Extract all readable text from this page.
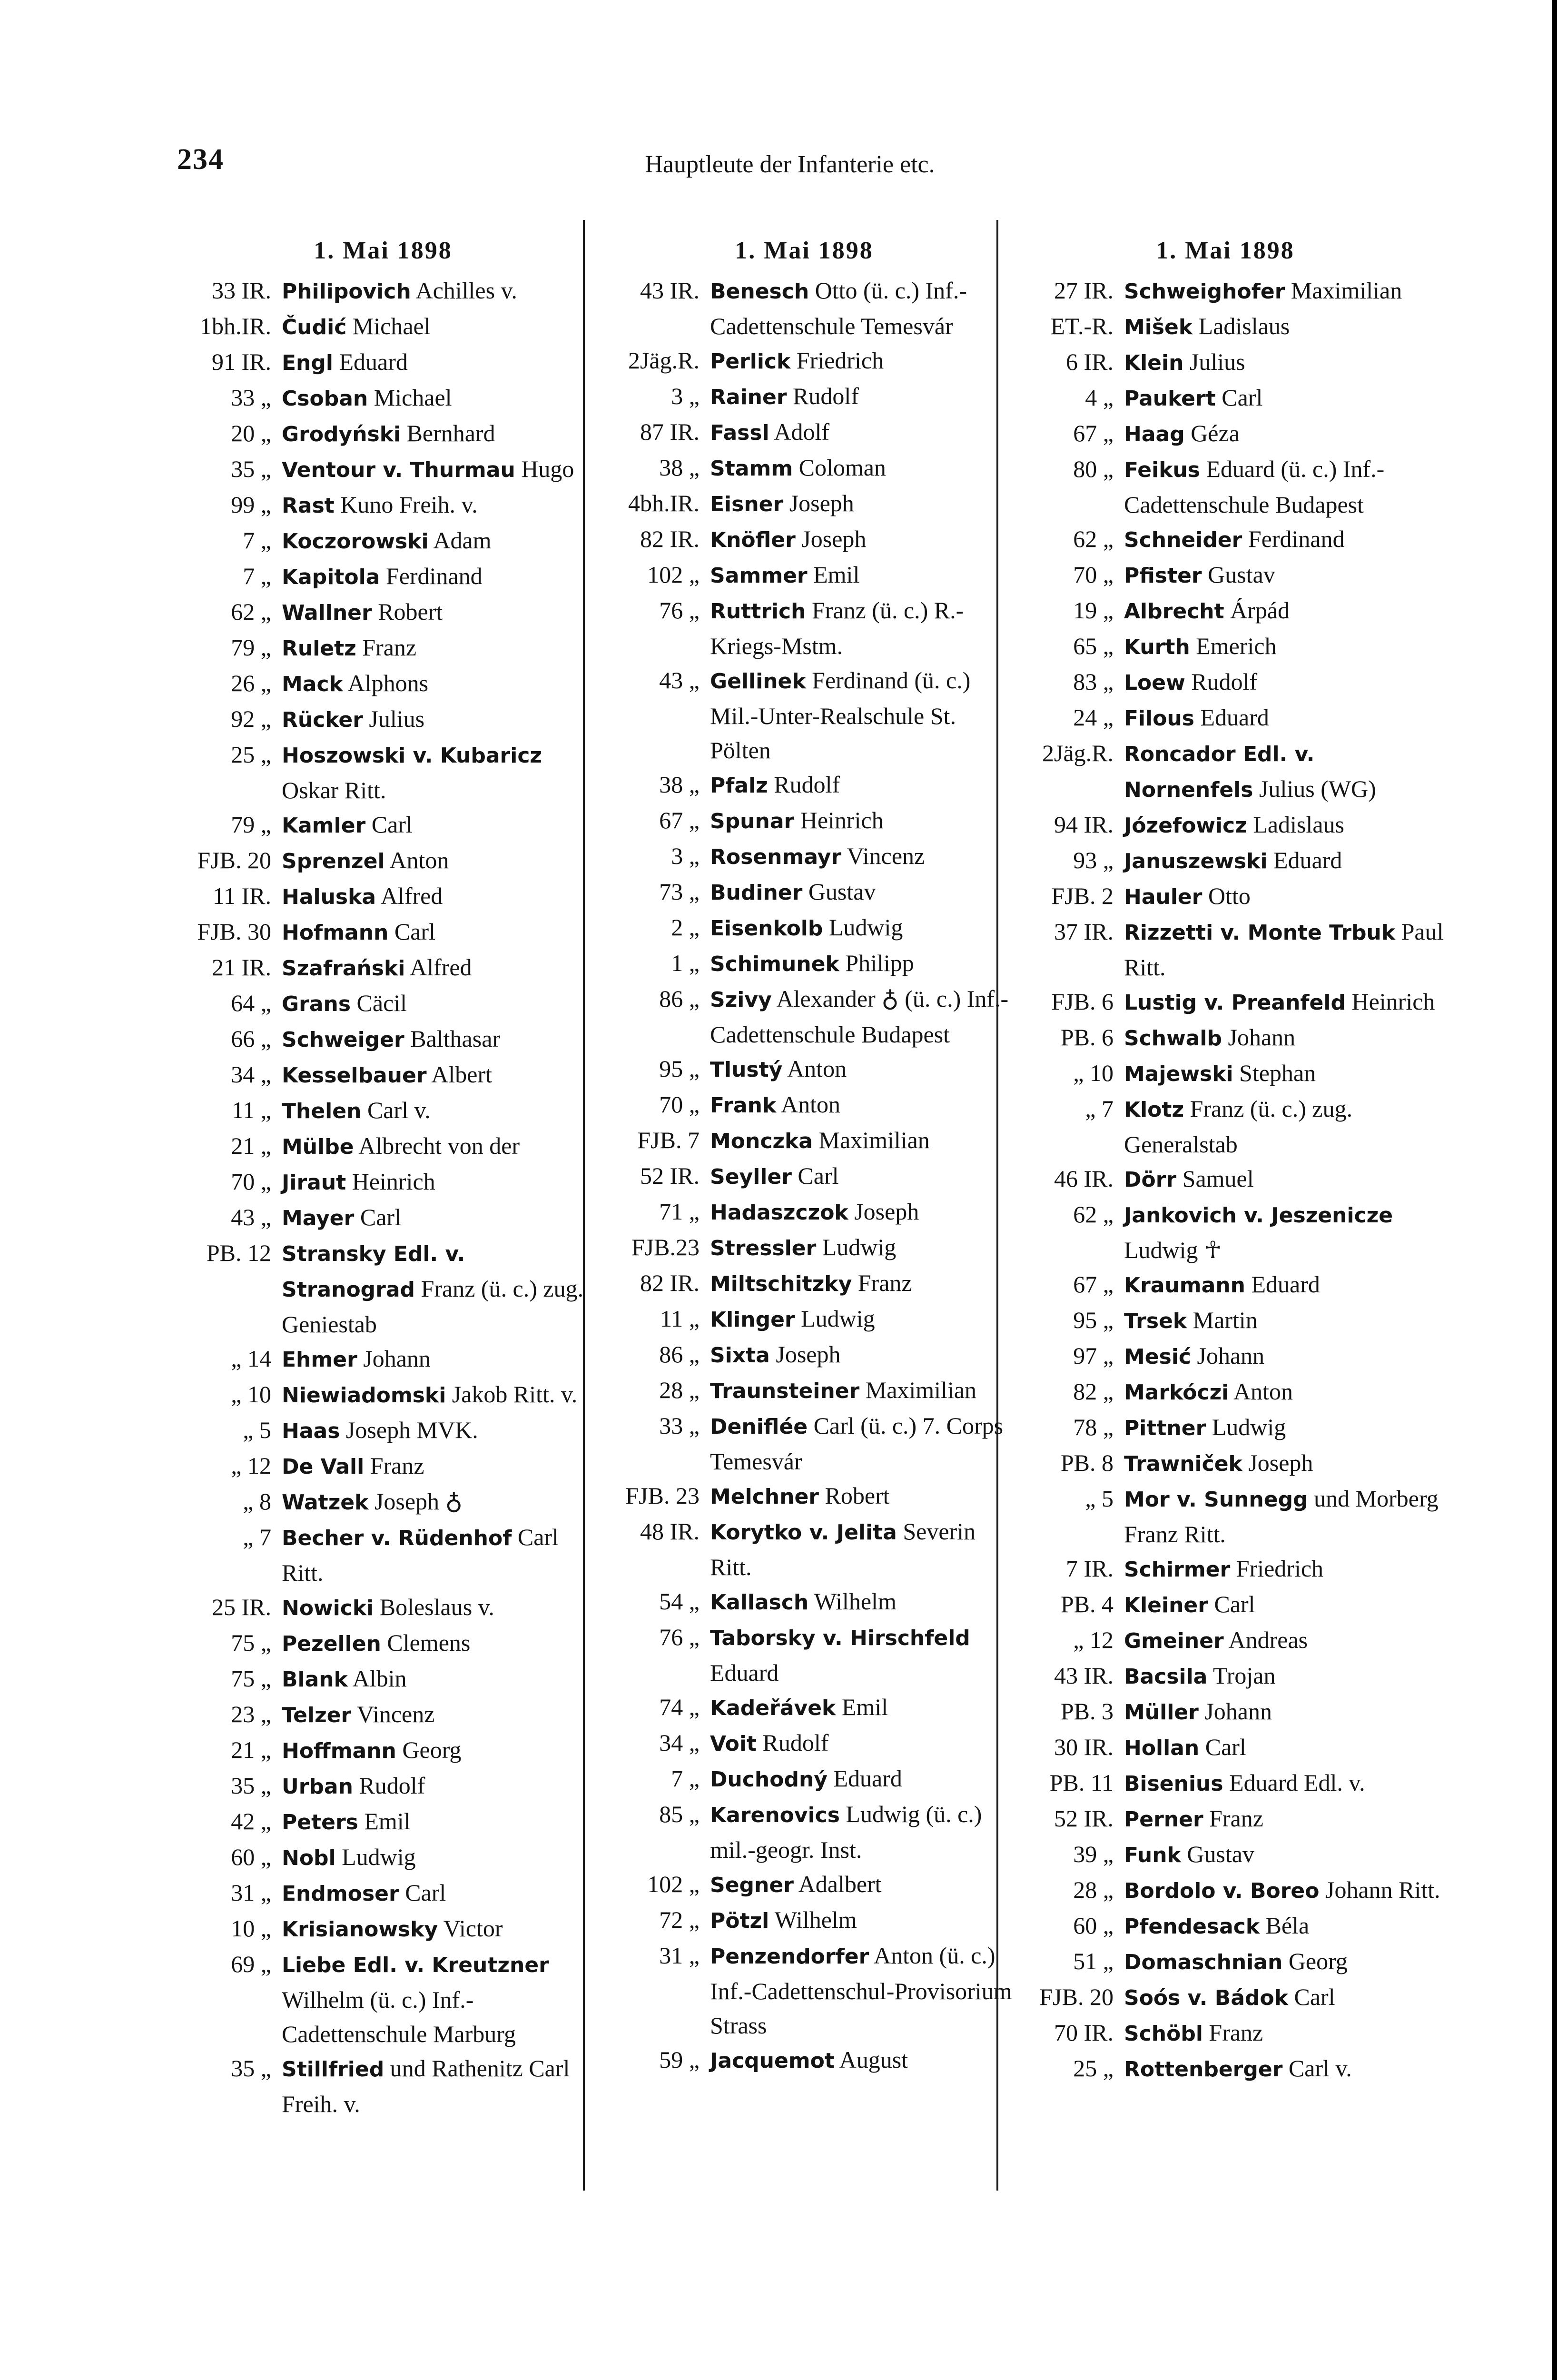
234	Hauptleute der Infanterie etc.
1. Mai 1898
33 IR. Philipovich Achilles v.
1bh.IR. Čudić Michael
91 IR. Engl Eduard
33 „ Csoban Michael
20 „ Grodyński Bernhard
35 „ Ventour v. Thurmau Hugo
99 „ Rast Kuno Freih. v.
7 „ Koczorowski Adam
7 „ Kapitola Ferdinand
62 „ Wallner Robert
79 „ Ruletz Franz
26 „ Mack Alphons
92 „ Rücker Julius
25 „ Hoszowski v. Kubaricz Oskar Ritt.
79 „ Kamler Carl
FJB. 20 Sprenzel Anton
11 IR. Haluska Alfred
FJB. 30 Hofmann Carl
21 IR. Szafrański Alfred
64 „ Grans Cäcil
66 „ Schweiger Balthasar
34 „ Kesselbauer Albert
11 „ Thelen Carl v.
21 „ Mülbe Albrecht von der
70 „ Jiraut Heinrich
43 „ Mayer Carl
PB. 12 Stransky Edl. v. Stranograd Franz (ü. c.) zug. Geniestab
„ 14 Ehmer Johann
„ 10 Niewiadomski Jakob Ritt. v.
„ 5 Haas Joseph MVK.
„ 12 De Vall Franz
„ 8 Watzek Joseph ♁
„ 7 Becher v. Rüdenhof Carl Ritt.
25 IR. Nowicki Boleslaus v.
75 „ Pezellen Clemens
75 „ Blank Albin
23 „ Telzer Vincenz
21 „ Hoffmann Georg
35 „ Urban Rudolf
42 „ Peters Emil
60 „ Nobl Ludwig
31 „ Endmoser Carl
10 „ Krisianowsky Victor
69 „ Liebe Edl. v. Kreutzner Wilhelm (ü. c.) Inf.-Cadettenschule Marburg
35 „ Stillfried und Rathenitz Carl Freih. v.
1. Mai 1898
43 IR. Benesch Otto (ü. c.) Inf.-Cadettenschule Temesvár
2Jäg.R. Perlick Friedrich
3 „ Rainer Rudolf
87 IR. Fassl Adolf
38 „ Stamm Coloman
4bh.IR. Eisner Joseph
82 IR. Knöfler Joseph
102 „ Sammer Emil
76 „ Ruttrich Franz (ü. c.) R.-Kriegs-Mstm.
43 „ Gellinek Ferdinand (ü. c.) Mil.-Unter-Realschule St. Pölten
38 „ Pfalz Rudolf
67 „ Spunar Heinrich
3 „ Rosenmayr Vincenz
73 „ Budiner Gustav
2 „ Eisenkolb Ludwig
1 „ Schimunek Philipp
86 „ Szivy Alexander ♁ (ü. c.) Inf.-Cadettenschule Budapest
95 „ Tlustý Anton
70 „ Frank Anton
FJB. 7 Monczka Maximilian
52 IR. Seyller Carl
71 „ Hadaszczok Joseph
FJB.23 Stressler Ludwig
82 IR. Miltschitzky Franz
11 „ Klinger Ludwig
86 „ Sixta Joseph
28 „ Traunsteiner Maximilian
33 „ Deniflée Carl (ü. c.) 7. Corps Temesvár
FJB. 23 Melchner Robert
48 IR. Korytko v. Jelita Severin Ritt.
54 „ Kallasch Wilhelm
76 „ Taborsky v. Hirschfeld Eduard
74 „ Kadeřávek Emil
34 „ Voit Rudolf
7 „ Duchodný Eduard
85 „ Karenovics Ludwig (ü. c.) mil.-geogr. Inst.
102 „ Segner Adalbert
72 „ Pötzl Wilhelm
31 „ Penzendorfer Anton (ü. c.) Inf.-Cadettenschul-Provisorium Strass
59 „ Jacquemot August
1. Mai 1898
27 IR. Schweighofer Maximilian
ET.-R. Mišek Ladislaus
6 IR. Klein Julius
4 „ Paukert Carl
67 „ Haag Géza
80 „ Feikus Eduard (ü. c.) Inf.-Cadettenschule Budapest
62 „ Schneider Ferdinand
70 „ Pfister Gustav
19 „ Albrecht Árpád
65 „ Kurth Emerich
83 „ Loew Rudolf
24 „ Filous Eduard
2Jäg.R. Roncador Edl. v. Nornenfels Julius (WG)
94 IR. Józefowicz Ladislaus
93 „ Januszewski Eduard
FJB. 2 Hauler Otto
37 IR. Rizzetti v. Monte Trbuk Paul Ritt.
FJB. 6 Lustig v. Preanfeld Heinrich
PB. 6 Schwalb Johann
„ 10 Majewski Stephan
„ 7 Klotz Franz (ü. c.) zug. Generalstab
46 IR. Dörr Samuel
62 „ Jankovich v. Jeszenicze Ludwig ☥
67 „ Kraumann Eduard
95 „ Trsek Martin
97 „ Mesić Johann
82 „ Markóczi Anton
78 „ Pittner Ludwig
PB. 8 Trawniček Joseph
„ 5 Mor v. Sunnegg und Morberg Franz Ritt.
7 IR. Schirmer Friedrich
PB. 4 Kleiner Carl
„ 12 Gmeiner Andreas
43 IR. Bacsila Trojan
PB. 3 Müller Johann
30 IR. Hollan Carl
PB. 11 Bisenius Eduard Edl. v.
52 IR. Perner Franz
39 „ Funk Gustav
28 „ Bordolo v. Boreo Johann Ritt.
60 „ Pfendesack Béla
51 „ Domaschnian Georg
FJB. 20 Soós v. Bádok Carl
70 IR. Schöbl Franz
25 „ Rottenberger Carl v.
